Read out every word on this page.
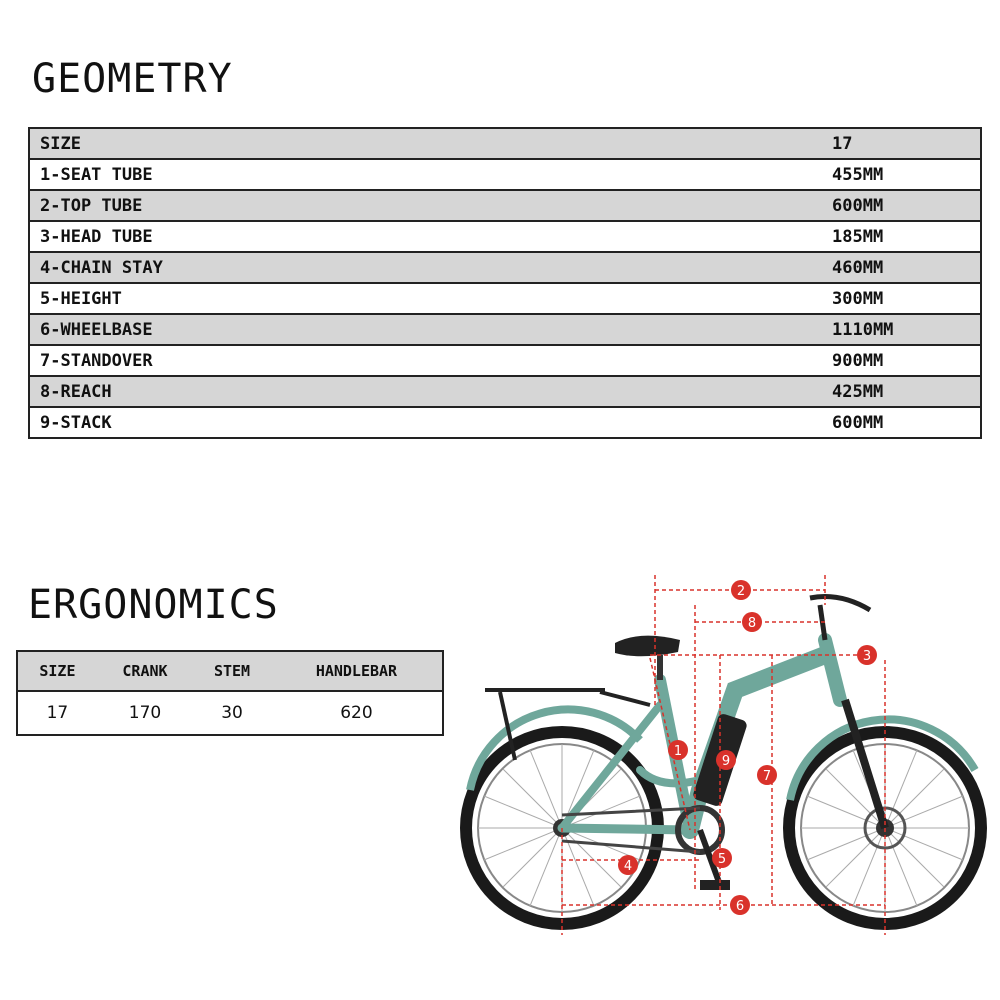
GEOMETRY
SIZE	17
1-SEAT TUBE	455MM
2-TOP TUBE	600MM
3-HEAD TUBE	185MM
4-CHAIN STAY	460MM
5-HEIGHT	300MM
6-WHEELBASE	1110MM
7-STANDOVER	900MM
8-REACH	425MM
9-STACK	600MM
ERGONOMICS
SIZE	CRANK	STEM	HANDLEBAR
17	170	30	620
1
2
3
4	5
6
7
8
9
